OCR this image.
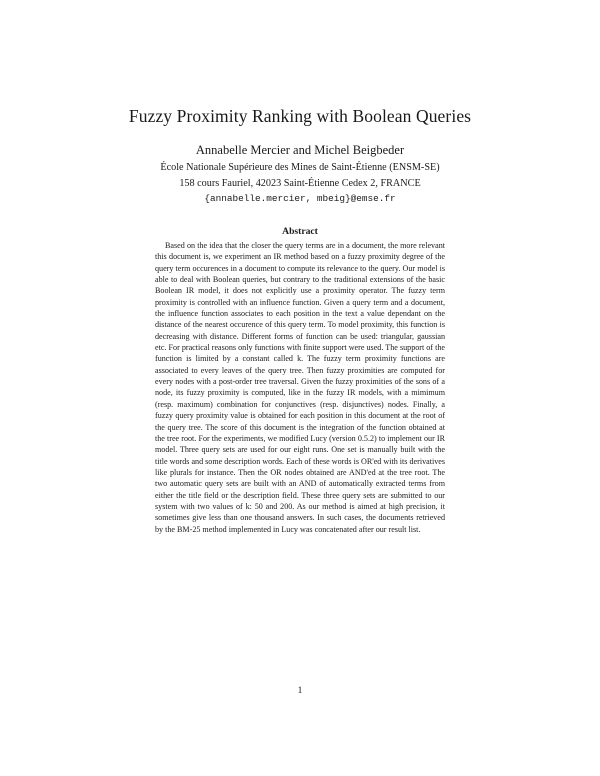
Fuzzy Proximity Ranking with Boolean Queries
Annabelle Mercier and Michel Beigbeder
École Nationale Supérieure des Mines de Saint-Étienne (ENSM-SE)
158 cours Fauriel, 42023 Saint-Étienne Cedex 2, FRANCE
{annabelle.mercier, mbeig}@emse.fr
Abstract
Based on the idea that the closer the query terms are in a document, the more relevant this document is, we experiment an IR method based on a fuzzy proximity degree of the query term occurences in a document to compute its relevance to the query. Our model is able to deal with Boolean queries, but contrary to the traditional extensions of the basic Boolean IR model, it does not explicitly use a proximity operator. The fuzzy term proximity is controlled with an influence function. Given a query term and a document, the influence function associates to each position in the text a value dependant on the distance of the nearest occurence of this query term. To model proximity, this function is decreasing with distance. Different forms of function can be used: triangular, gaussian etc. For practical reasons only functions with finite support were used. The support of the function is limited by a constant called k. The fuzzy term proximity functions are associated to every leaves of the query tree. Then fuzzy proximities are computed for every nodes with a post-order tree traversal. Given the fuzzy proximities of the sons of a node, its fuzzy proximity is computed, like in the fuzzy IR models, with a mimimum (resp. maximum) combination for conjunctives (resp. disjunctives) nodes. Finally, a fuzzy query proximity value is obtained for each position in this document at the root of the query tree. The score of this document is the integration of the function obtained at the tree root. For the experiments, we modified Lucy (version 0.5.2) to implement our IR model. Three query sets are used for our eight runs. One set is manually built with the title words and some description words. Each of these words is OR'ed with its derivatives like plurals for instance. Then the OR nodes obtained are AND'ed at the tree root. The two automatic query sets are built with an AND of automatically extracted terms from either the title field or the description field. These three query sets are submitted to our system with two values of k: 50 and 200. As our method is aimed at high precision, it sometimes give less than one thousand answers. In such cases, the documents retrieved by the BM-25 method implemented in Lucy was concatenated after our result list.
1
